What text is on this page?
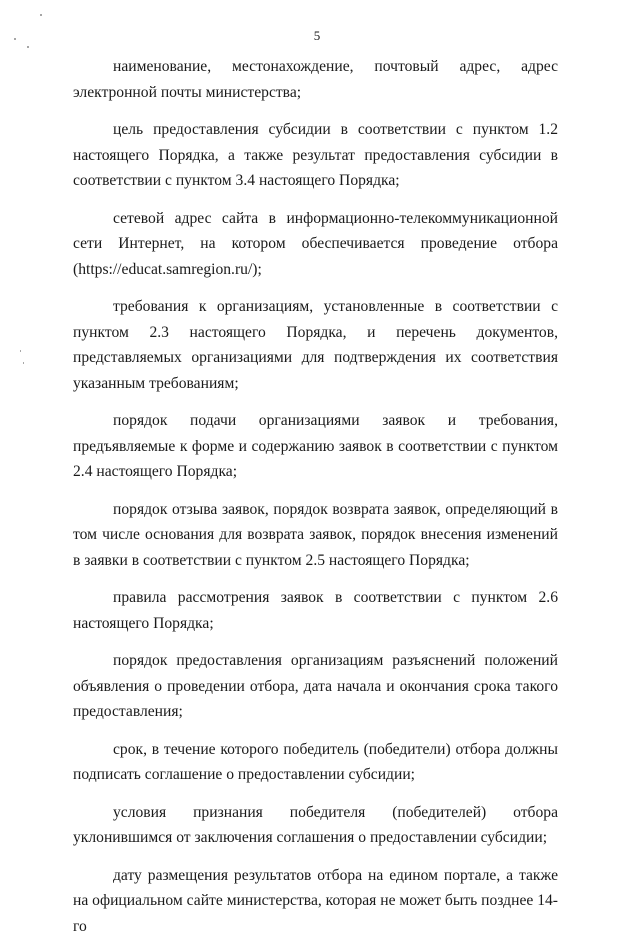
5

наименование, местонахождение, почтовый адрес, адрес электронной почты министерства;

цель предоставления субсидии в соответствии с пунктом 1.2 настоящего Порядка, а также результат предоставления субсидии в соответствии с пунктом 3.4 настоящего Порядка;

сетевой адрес сайта в информационно-телекоммуникационной сети Интернет, на котором обеспечивается проведение отбора (https://educat.samregion.ru/);

требования к организациям, установленные в соответствии с пунктом 2.3 настоящего Порядка, и перечень документов, представляемых организациями для подтверждения их соответствия указанным требованиям;

порядок подачи организациями заявок и требования, предъявляемые к форме и содержанию заявок в соответствии с пунктом 2.4 настоящего Порядка;

порядок отзыва заявок, порядок возврата заявок, определяющий в том числе основания для возврата заявок, порядок внесения изменений в заявки в соответствии с пунктом 2.5 настоящего Порядка;

правила рассмотрения заявок в соответствии с пунктом 2.6 настоящего Порядка;

порядок предоставления организациям разъяснений положений объявления о проведении отбора, дата начала и окончания срока такого предоставления;

срок, в течение которого победитель (победители) отбора должны подписать соглашение о предоставлении субсидии;

условия признания победителя (победителей) отбора уклонившимся от заключения соглашения о предоставлении субсидии;

дату размещения результатов отбора на едином портале, а также на официальном сайте министерства, которая не может быть позднее 14-го
